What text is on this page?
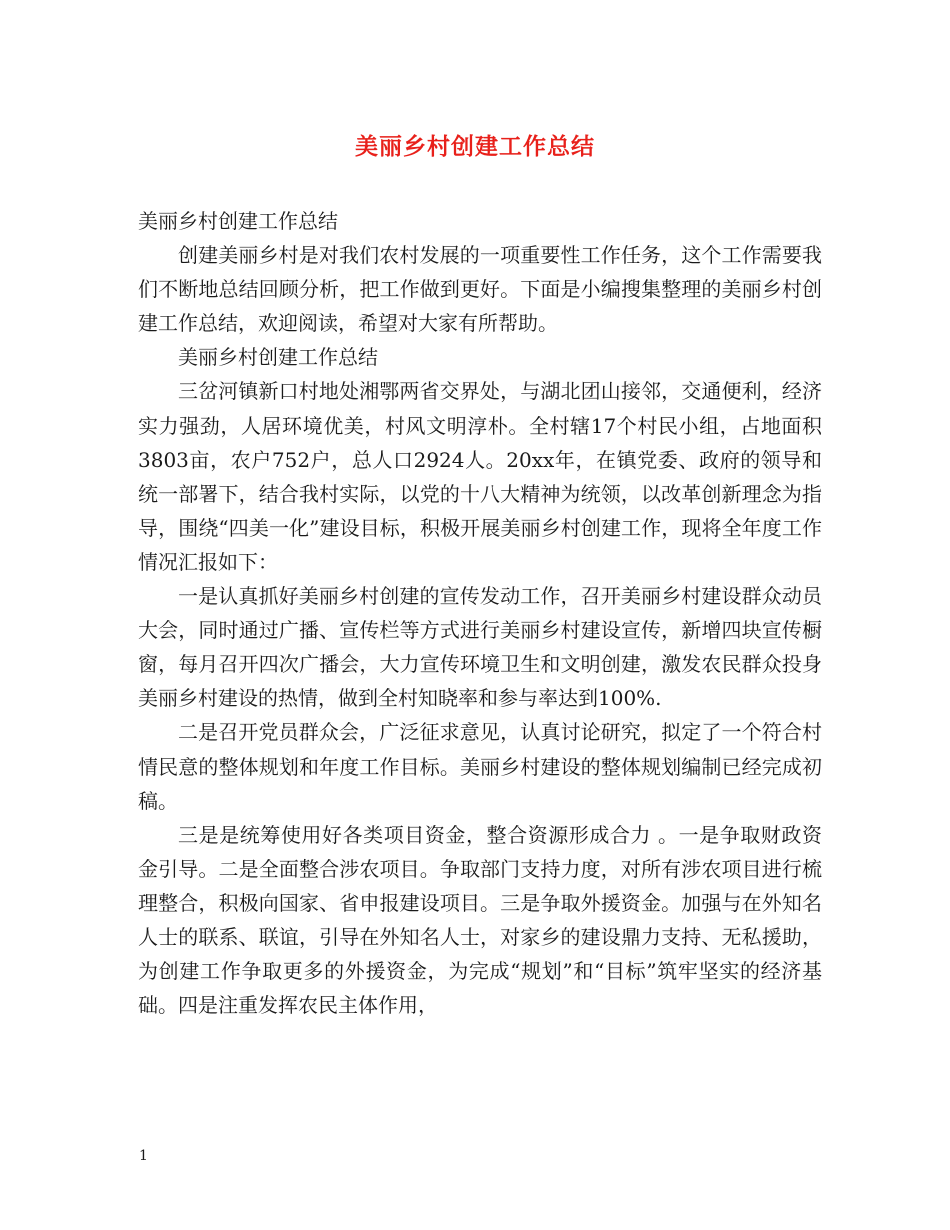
美丽乡村创建工作总结

美丽乡村创建工作总结

创建美丽乡村是对我们农村发展的一项重要性工作任务，这个工作需要我们不断地总结回顾分析，把工作做到更好。下面是小编搜集整理的美丽乡村创建工作总结，欢迎阅读，希望对大家有所帮助。

美丽乡村创建工作总结

三岔河镇新口村地处湘鄂两省交界处，与湖北团山接邻，交通便利，经济实力强劲，人居环境优美，村风文明淳朴。全村辖17个村民小组，占地面积3803亩，农户752户，总人口2924人。20xx年，在镇党委、政府的领导和统一部署下，结合我村实际，以党的十八大精神为统领，以改革创新理念为指导，围绕“四美一化”建设目标，积极开展美丽乡村创建工作，现将全年度工作情况汇报如下：

一是认真抓好美丽乡村创建的宣传发动工作，召开美丽乡村建设群众动员大会，同时通过广播、宣传栏等方式进行美丽乡村建设宣传，新增四块宣传橱窗，每月召开四次广播会，大力宣传环境卫生和文明创建，激发农民群众投身美丽乡村建设的热情，做到全村知晓率和参与率达到100%.

二是召开党员群众会，广泛征求意见，认真讨论研究，拟定了一个符合村情民意的整体规划和年度工作目标。美丽乡村建设的整体规划编制已经完成初稿。

三是是统筹使用好各类项目资金，整合资源形成合力 。一是争取财政资金引导。二是全面整合涉农项目。争取部门支持力度，对所有涉农项目进行梳理整合，积极向国家、省申报建设项目。三是争取外援资金。加强与在外知名人士的联系、联谊，引导在外知名人士，对家乡的建设鼎力支持、无私援助，为创建工作争取更多的外援资金，为完成“规划”和“目标”筑牢坚实的经济基础。四是注重发挥农民主体作用，

1
